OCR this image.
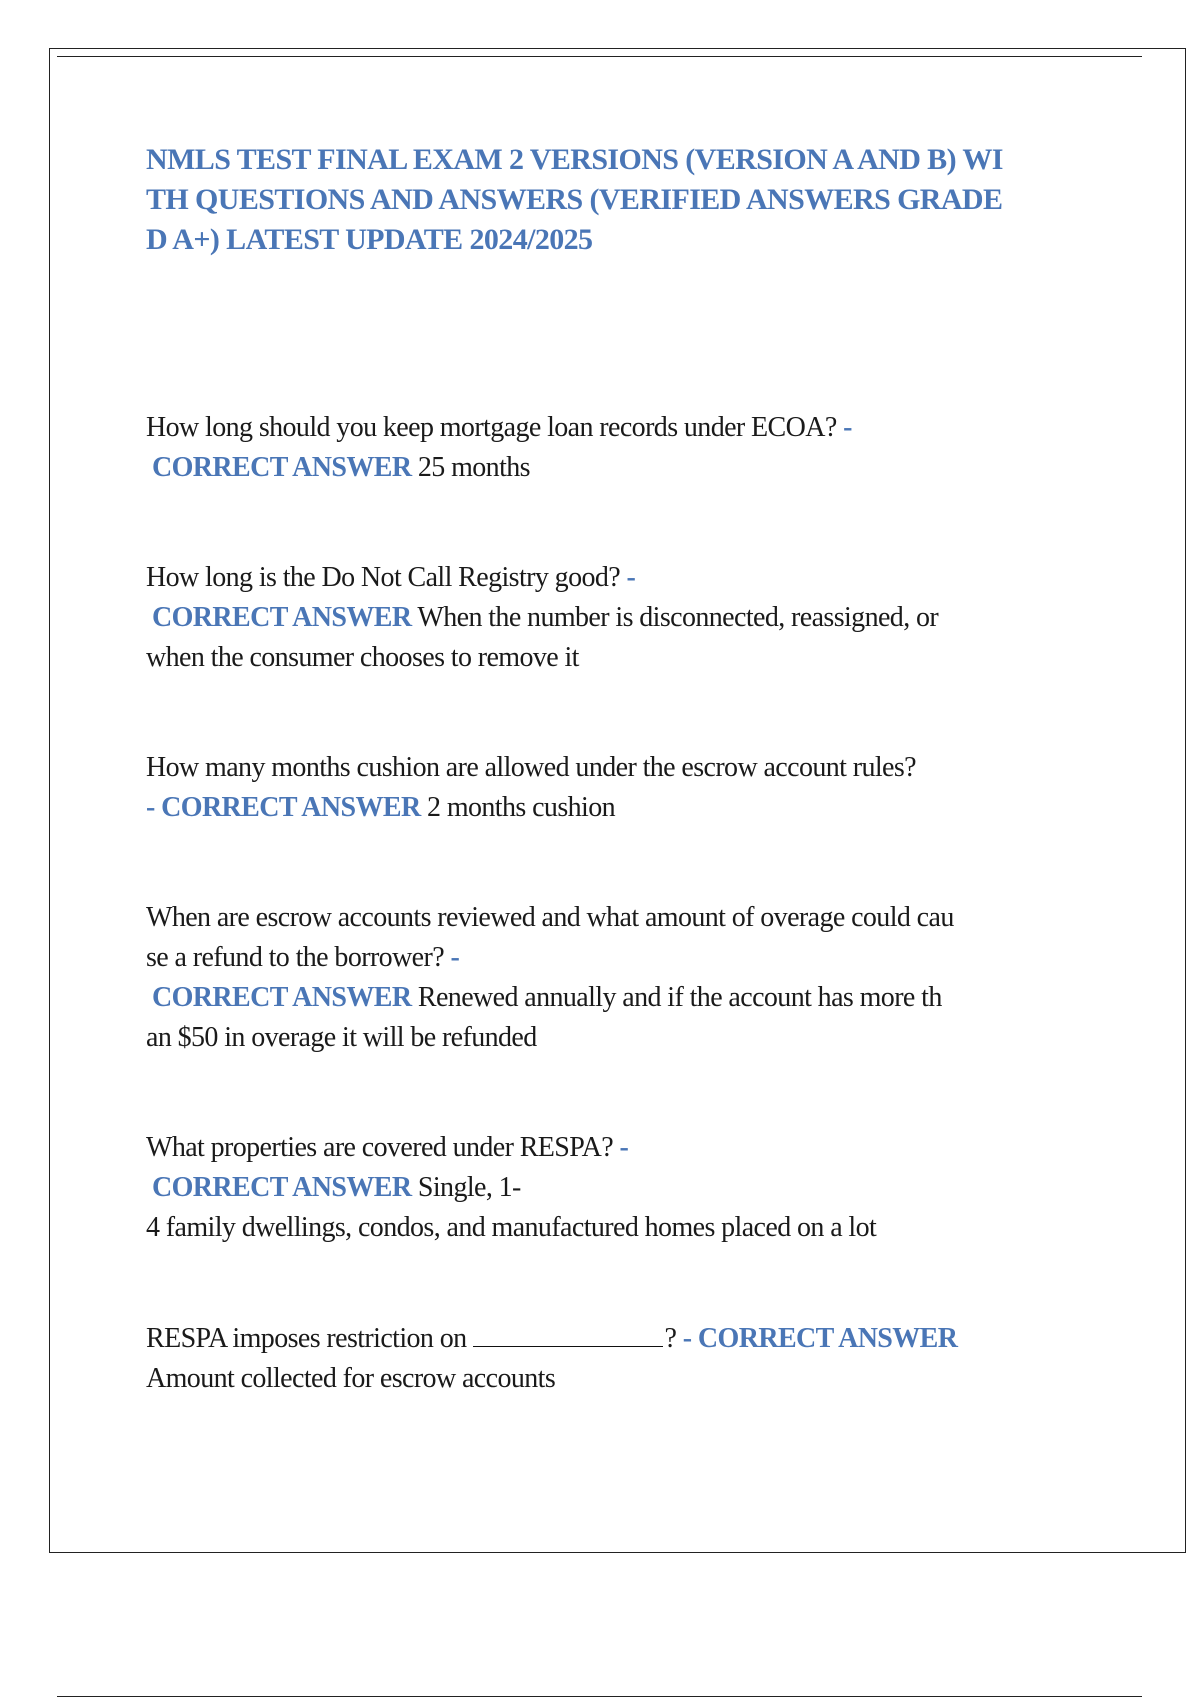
NMLS TEST FINAL EXAM 2 VERSIONS (VERSION A AND B) WI
TH QUESTIONS AND ANSWERS (VERIFIED ANSWERS GRADE
D A+) LATEST UPDATE 2024/2025

How long should you keep mortgage loan records under ECOA? -

CORRECT ANSWER 25 months

How long is the Do Not Call Registry good? -

CORRECT ANSWER When the number is disconnected, reassigned, or

when the consumer chooses to remove it

How many months cushion are allowed under the escrow account rules?

- CORRECT ANSWER 2 months cushion

When are escrow accounts reviewed and what amount of overage could cau

se a refund to the borrower? -

CORRECT ANSWER Renewed annually and if the account has more th

an $50 in overage it will be refunded

What properties are covered under RESPA? -

CORRECT ANSWER Single, 1-

4 family dwellings, condos, and manufactured homes placed on a lot

RESPA imposes restriction on	? - CORRECT ANSWER

Amount collected for escrow accounts
